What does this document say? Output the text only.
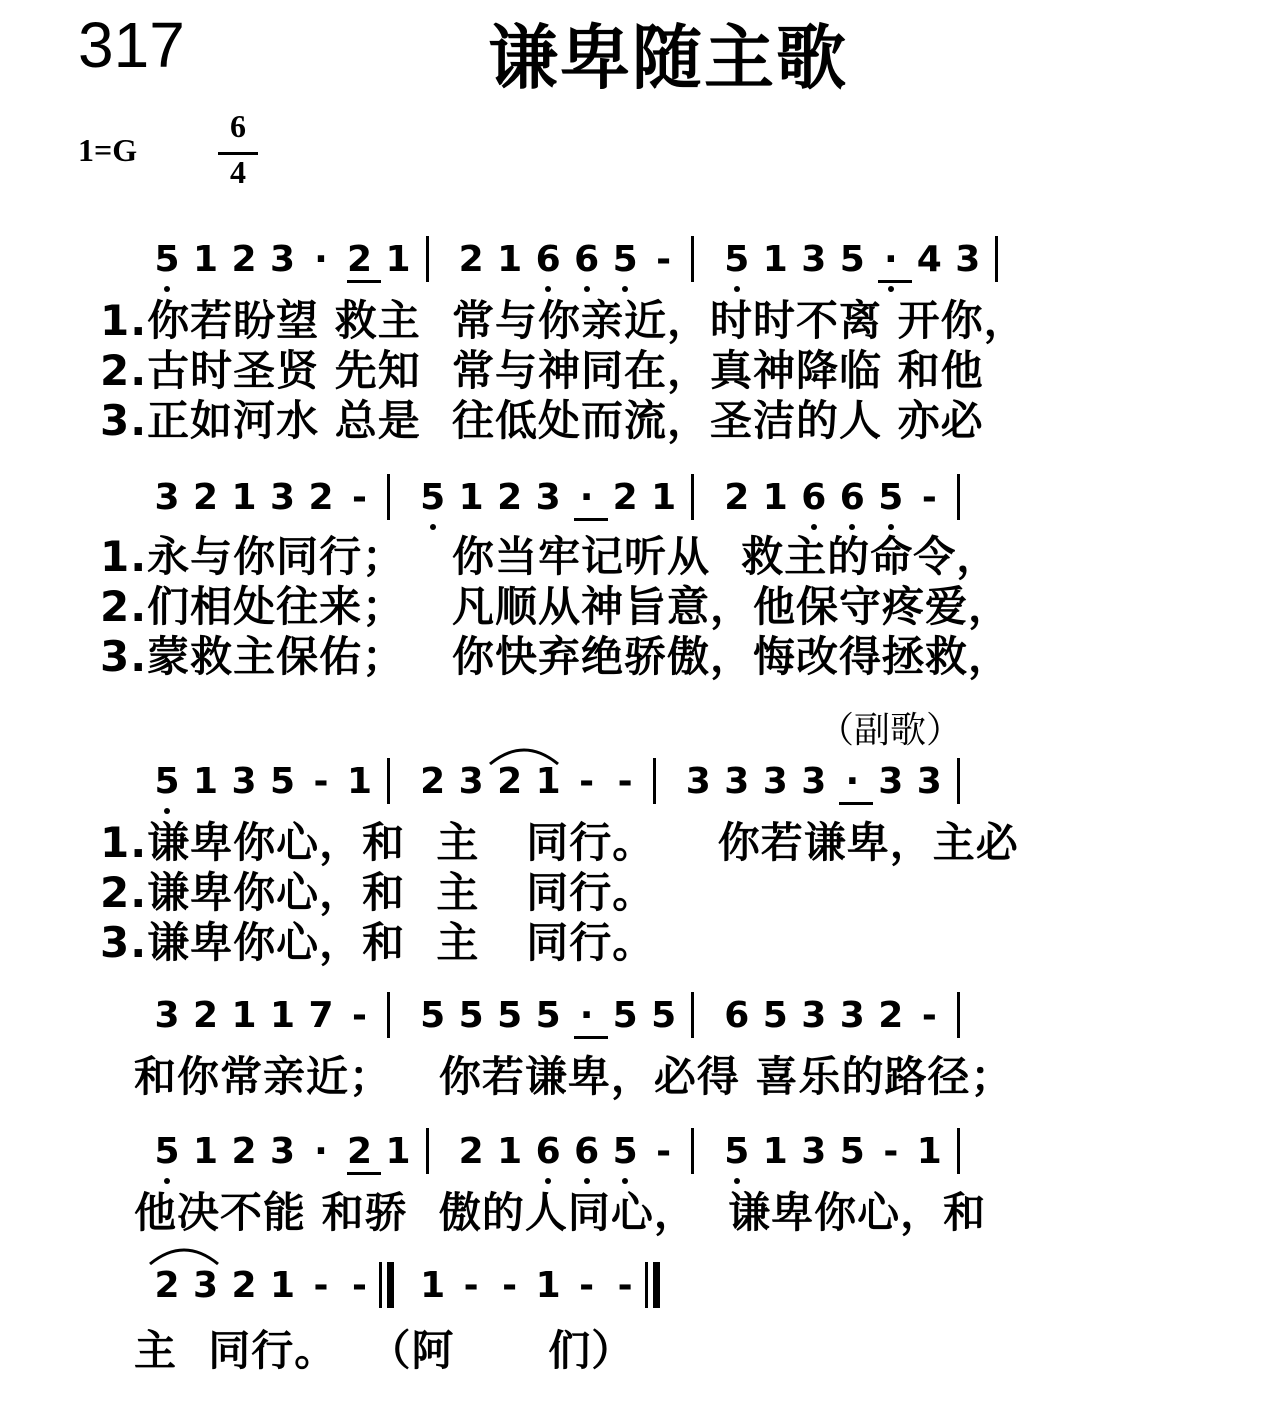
317	谦卑随主歌
1=G
6
4
（副歌）
5 1 2 3 · 2 1 2 1 6 6 5 - 5 1 3 5 · 4 3
1.你若盼望 救主  常与你亲近，时时不离 开你，
2.古时圣贤 先知  常与神同在，真神降临 和他
3.正如河水 总是  往低处而流，圣洁的人 亦必
3 2 1 3 2 - 5 1 2 3 · 2 1 2 1 6 6 5 -
1.永与你同行；   你当牢记听从  救主的命令，
2.们相处往来；   凡顺从神旨意，他保守疼爱，
3.蒙救主保佑；   你快弃绝骄傲，悔改得拯救，
5 1 3 5 - 1 2 3 2 1 - - 3 3 3 3 · 3 3
1.谦卑你心，和  主   同行。    你若谦卑，主必
2.谦卑你心，和  主   同行。
3.谦卑你心，和  主   同行。
3 2 1 1 7 - 5 5 5 5 · 5 5 6 5 3 3 2 -
和你常亲近；   你若谦卑，必得 喜乐的路径；
5 1 2 3 · 2 1 2 1 6 6 5 - 5 1 3 5 - 1
他决不能 和骄  傲的人同心，  谦卑你心，和
2 3 2 1 - - 1 - - 1 - -
主  同行。  （阿      们）
